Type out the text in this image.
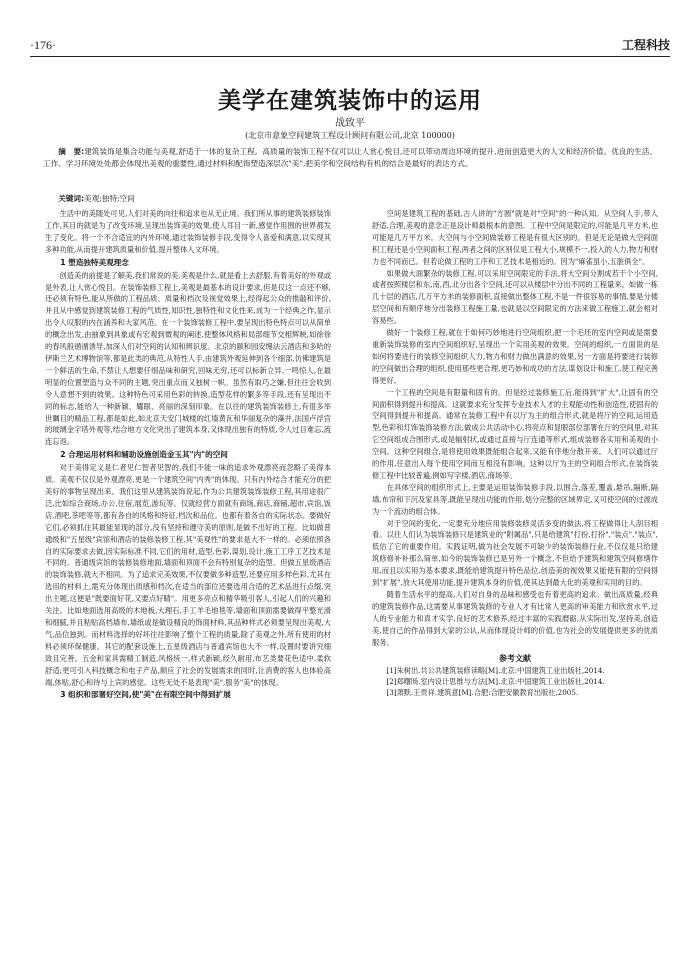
·176·	工程科技
美学在建筑装饰中的运用
战致平
(北京市意象空间建筑工程设计顾问有限公司,北京 100000)
摘　要:建筑装饰是集合功能与美观,舒适于一体的复杂工程。高质量的装饰工程不仅可以让人赏心悦目,还可以带动周边环境的提升,进而创造更大的人文和经济价值。优良的生活、工作、学习环境处处都会体现出美观的重要性,通过材料和配饰塑造深层次"美",把美学和空间结构有机的结合是最好的表达方式。
关键词:美观;独特;空间

生活中的美随处可见,人们对美的向往和追求也从无止境。我们所从事的建筑装修装饰工作,其目的就是为了改变环境,呈现出装饰美的效果,使人耳目一新,感觉作用围的世界都发生了变化。将一个不合适宜的内外环境,通过装饰装修手段,变得令人喜爱和满意,以实现其多种功能,从而提升建筑质量和价值,提升整体人文环境。

1 塑造独特美观理念

创造美的前提是了解美,我们常说的美,美观是什么,就是看上去舒服,有着美好的外观或是外表,让人赏心悦目。在装饰装修工程上,美观是最基本的设计要求,但是仅这一点还不够,还必须有特色,能从所做的工程品质、质量和档次及视觉效果上,经得起公众的推敲和评价,并且从中感觉到建筑装修工程的气质性,知识性,独特性和文化性来,成为一个经典之作,显示出令人叹服的内在涵养和大家风范。在一个装饰装修工程中,要呈现出特色特点可以从简单的概念出发,由抽象到具象或有宏观到微观的阐述,使整体风格和局部细节交相辉映,如徐徐的春风般循循诱导,加深人们对空间的认知和辨识度。北京的颐和园安缦法云酒店和多哈的伊斯兰艺术博物馆等,都是此类的典范,从特性人手,由建筑外观延伸到各个细部,仿佛建筑是一个鲜活的生命,不禁让人想要仔细品味和研究,回味无穷,还可以标新立异,一鸣惊人,在最明显的位置塑造与众不同的主题,突出重点而又独树一帜。虽然有取巧之嫌,但往往会收到令人意想不到的效果。这种特色可采用色彩的转换,造型花样的繁多等手段,还有呈现出不同的标志,能给人一种新颖、耀眼、亮丽的深刻印象。在以往的建筑装饰装修上,有很多举世瞩目的精品工程,都是如此,如北京天安门城楼的红墙黄瓦和华丽复杂的藻井,法国卢浮宫的玻璃金字塔外观等,结合地方文化突出了建筑本身,又体现出独有的特质,令人过目难忘,流连忘返。

2 合理运用材料和辅助设施创造金玉其"内"的空间

对于美得定义是仁者见仁智者见智的,我们不能一味的追求外观漂亮而忽略了美得本质。美观不仅仅是外观漂亮,更是一个建筑空间"内秀"的体现。只有内外结合才能充分的把美好的事物呈现出来。我们这里从建筑装饰说起,作为公共建筑装饰装修工程,其用途很广泛,比如综合商场,办公,住宿,展览,游玩等。仅就经营方面就有商场,商店,商铺,超市,宾馆,饭店,酒吧,茶吧等等,都有各自的风格和特征,档次和品位。也都有着各自的实际状态。要做好它们,必须抓住其最能显现的部分,没有坚持和遵守美的原则,是做不出好的工程。比如做普通级和"五星级"宾馆和酒店的装修装修工程,其"美观性"的要求是大不一样的。必须依照各自的实际要求去做,因实际标准不同,它们的用材,造型,色彩,谋划,设计,施工工序工艺技术是不同的。普通级宾馆的装修装修地面,墙面和顶面不会有特别复杂的造型。但做五星级酒店的装饰装修,就大不相同。为了追求完美效果,不仅要做多种造型,还要应用多样色彩,尤其在选用的材料上,需充分体现出质感和档次,在适当的部位还要选用合适的艺术品进行点缀,突出主题,这便是"既要面好花,又要点好睛"。用更多亮点和精华吸引客人,引起人们的兴趣和关注。比如地面选用高级的木地板,大理石,手工羊毛地毯等,墙面和顶面需要做得平整光滑和细腻,并且粘贴高档墙布,墙纸或是做设精良的饰面材料,其品种样式必须要呈现出美观,大气,品位独到。而材料选择的好坏往往影响了整个工程的质量,除了美观之外,所有使用的材料必须环保健康。其它的配套设施上,五星级酒店与普通宾馆也大不一样,设置时要讲究细致且完善。五金和家具需精工制造,风格统一,样式新颖,经久耐用,布艺类要花色适中,柔软舒适;更可引入科技概念和电子产品,顺应了社会的发展需求的同时,让消费的客人也体验高端,体贴,舒心和待与上宾的感觉。这些无处不是表现"美",服务"美"的体现。

3 组织和部署好空间,使"美"在有限空间中得到扩展

空间是建筑工程的基础,古人讲的"方圆"就是对"空间"的一种认知。从空间人手,带人舒适,合理,美观的意念正是设计师最根本的意图。工程中空间是限定的,可能是几平方米,也可能是几万平方米。大空间与小空间做装修工程是有很大区别的。但是无论是做大空间面积工程还是小空间面积工程,两者之间的区别仅是工程大小,规模不一,投入的人力,物力和财力也不同而已。但若论做工程的工序和工艺技术是相近的。因为"麻雀虽小,五脏俱全"。

如果做大面繁杂的装修工程,可以采用空间限定的手法,将大空间分割成若干个小空间,或者按照楼层和东,南,西,北分出各个空间,还可以从楼层中分出不同的工程量来。如做一栋几十层的酒店,几万平方米的装修面积,直接做出整体工程,不是一件很容易的事情,要是分楼层空间和有顺序地分出装修工程施工量,也就是以空间限定的方法来做工程施工,就会相对容易些。

做好一个装修工程,就在于如何巧妙地进行空间组织,把一个毛坯的室内空间或是需要重新装饰装修的室内空间组织好,呈现出一个实用美观的效果。空间的组织,一方面说的是如何将要进行的装修空间组织人力,物力和财力做出满意的效果,另一方面是将要进行装修的空间做出合理的组织,使用那些更合理,更巧妙和成功的方法,谋划设计和施工,使工程完善得更好。

一个工程的空间是有限量和固有的。但是经过装修施工后,能得到"扩大",让固有的空间面积得到提升和提高。这就要求充分发挥专业技术人才的主观能动性和创造性,使固有的空间得到提升和提高。通常在装修工程中有以厅为主的组合形式,就是将厅的空间,运用造型,色彩和灯饰装饰装修方法,做成公共活动中心,将亮点和显眼部位部署在厅的空间里,对其它空间组成合围形式,或是辐射状,或通过直接与厅连通等形式,组成装修各实用和美观的小空间。这种空间组合,是将使用效果既能组合起来,又能有序地分散开来。人们可以通过厅的作用,任意出入每个使用空间而互相没有影响。这种以厅为主的空间组合形式,在装饰装修工程中比较普遍,例如写字楼,酒店,商场等。

在具体空间的组织形式上,主要是运用装饰装修手段,以围合,落差,覆盖,悬吊,隔断,隔墙,布帘和下沉及家具等,既能呈现出功能的作用,划分完整的区域界定,又可使空间的过渡成为一个流动的组合体。

对于空间的变化,一定要充分地应用装修装修灵活多变的做法,将工程做得让人刮目相看。以往人们认为装饰装修只是建筑业的"附属品",只是给建筑"打扮,打扮","装点","装点",低估了它的重要作用。实践证明,做为社会发展不可缺少的装饰装修行业,不仅仅是只给建筑修修补补那么简单,如今的装饰装修已是另外一个概念,不但给予建筑和建筑空间修缮作用,而且以实用为基本要求,既能给建筑提升特色品位,创造美的视效果又能使有限的空间得到"扩展",放大其使用功能,提升建筑本身的价值,使其达到最大化的美观和实用的目的。

随着生活水平的提高,人们对自身的品味和感受也有着更高的追求。做出高质量,经典的建筑装修作品,这需要从事建筑装修的专业人才有比常人更高的审美能力和欣赏水平,过人的专业能力和真才实学,良好的艺术修养,经过丰富的实践磨砺,从实际出发,坚持美,创造美,使自己的作品得到大家的公认,从而体现设计师的价值,也为社会的发展提供更多的优质服务。

参考文献

[1]朱树出.共公共建筑装修读略[M].北京:中国建筑工业出版社,2014.

[2]郑曙旸.室内设计思维与方法[M].北京:中国建筑工业出版社,2014.

[3]萧默.王贵祥.建筑意[M].合肥:合肥安徽教育出版社,2005.
